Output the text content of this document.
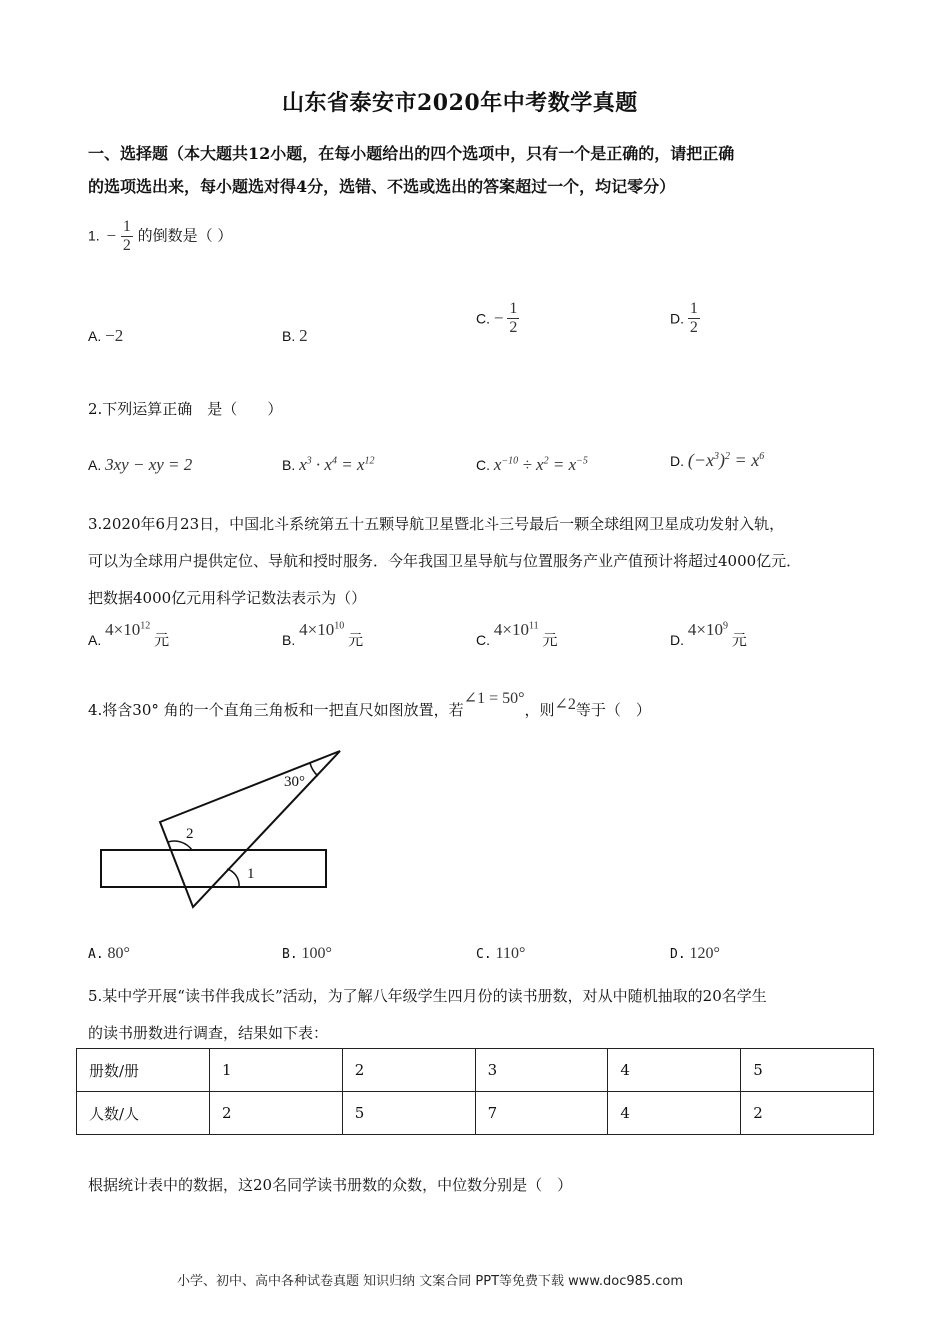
山东省泰安市2020年中考数学真题
一、选择题（本大题共12小题，在每小题给出的四个选项中，只有一个是正确的，请把正确
的选项选出来，每小题选对得4分，选错、不选或选出的答案超过一个，均记零分）
1. − $\frac{1}{2}$ 的倒数是（ ）
A. −2	B. 2
C. − $\frac{1}{2}$	D. $\frac{1}{2}$
2.下列运算正确　是（　　）
A. 3xy − xy = 2	B. $x^3 \cdot x^4 = x^{12}$	C. $x^{-10} \div x^2 = x^{-5}$	D. $(-x^3)^2 = x^6$
3.2020年6月23日，中国北斗系统第五十五颗导航卫星暨北斗三号最后一颗全球组网卫星成功发射入轨，
可以为全球用户提供定位、导航和授时服务．今年我国卫星导航与位置服务产业产值预计将超过4000亿元．
把数据4000亿元用科学记数法表示为（）
A. $4\times 10^{12}$ 元	B. $4\times 10^{10}$ 元	C. $4\times 10^{11}$ 元	D. $4\times 10^9$ 元
4.将含30° 角的一个直角三角板和一把直尺如图放置，若∠1 = 50°，则∠2等于（　）
30°
2
1
A. 80°	B. 100°	C. 110°	D. 120°
5.某中学开展“读书伴我成长”活动，为了解八年级学生四月份的读书册数，对从中随机抽取的20名学生
的读书册数进行调查，结果如下表：
册数/册	1	2	3	4	5
人数/人	2	5	7	4	2
根据统计表中的数据，这20名同学读书册数的众数，中位数分别是（　）
小学、初中、高中各种试卷真题 知识归纳 文案合同 PPT等免费下载 www.doc985.com
